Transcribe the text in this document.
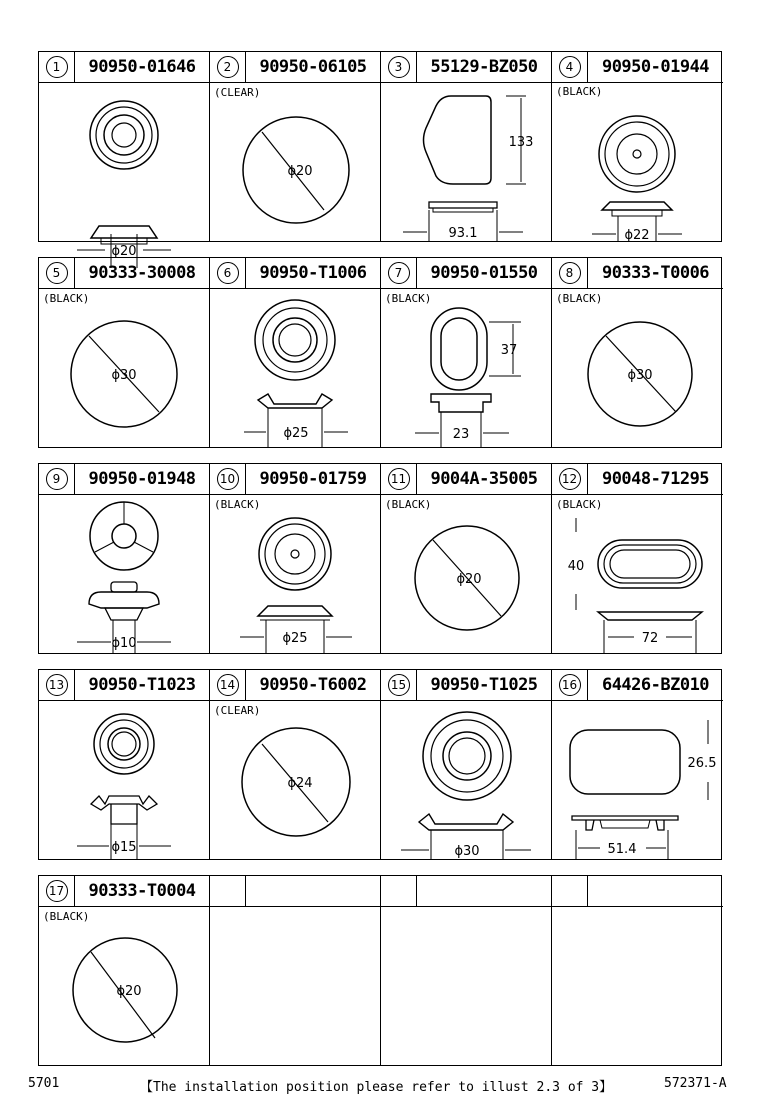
1	90950-01646
ϕ20
2	90950-06105
(CLEAR)
ϕ20
3	55129-BZ050
133
93.1
4	90950-01944
(BLACK)
ϕ22
5	90333-30008
(BLACK)
ϕ30
6	90950-T1006
ϕ25
7	90950-01550
(BLACK)
37
23
8	90333-T0006
(BLACK)
ϕ30
9	90950-01948
ϕ10
10	90950-01759
(BLACK)
ϕ25
11	9004A-35005
(BLACK)
ϕ20
12	90048-71295
(BLACK)
40
72
13	90950-T1023
ϕ15
14	90950-T6002
(CLEAR)
ϕ24
15	90950-T1025
ϕ30
16	64426-BZ010
26.5
51.4
17	90333-T0004
(BLACK)
ϕ20
5701	【The installation position please refer to illust 2.3 of 3】	572371-A
